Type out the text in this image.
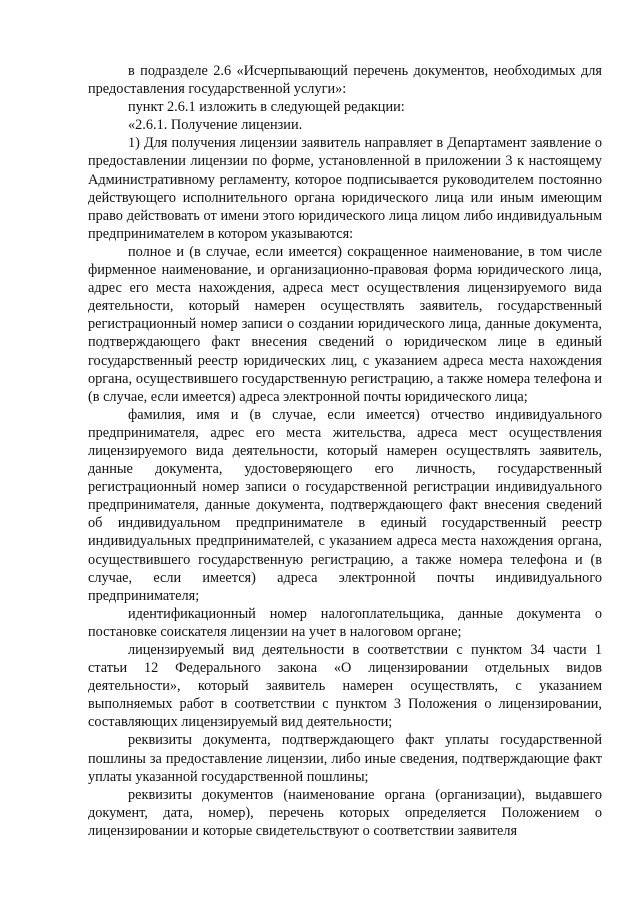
в подразделе 2.6 «Исчерпывающий перечень документов, необходимых для предоставления государственной услуги»:

пункт 2.6.1 изложить в следующей редакции:

«2.6.1. Получение лицензии.

1) Для получения лицензии заявитель направляет в Департамент заявление о предоставлении лицензии по форме, установленной в приложении 3 к настоящему Административному регламенту, которое подписывается руководителем постоянно действующего исполнительного органа юридического лица или иным имеющим право действовать от имени этого юридического лица лицом либо индивидуальным предпринимателем в котором указываются:

полное и (в случае, если имеется) сокращенное наименование, в том числе фирменное наименование, и организационно-правовая форма юридического лица, адрес его места нахождения, адреса мест осуществления лицензируемого вида деятельности, который намерен осуществлять заявитель, государственный регистрационный номер записи о создании юридического лица, данные документа, подтверждающего факт внесения сведений о юридическом лице в единый государственный реестр юридических лиц, с указанием адреса места нахождения органа, осуществившего государственную регистрацию, а также номера телефона и (в случае, если имеется) адреса электронной почты юридического лица;

фамилия, имя и (в случае, если имеется) отчество индивидуального предпринимателя, адрес его места жительства, адреса мест осуществления лицензируемого вида деятельности, который намерен осуществлять заявитель, данные документа, удостоверяющего его личность, государственный регистрационный номер записи о государственной регистрации индивидуального предпринимателя, данные документа, подтверждающего факт внесения сведений об индивидуальном предпринимателе в единый государственный реестр индивидуальных предпринимателей, с указанием адреса места нахождения органа, осуществившего государственную регистрацию, а также номера телефона и (в случае, если имеется) адреса электронной почты индивидуального предпринимателя;

идентификационный номер налогоплательщика, данные документа о постановке соискателя лицензии на учет в налоговом органе;

лицензируемый вид деятельности в соответствии с пунктом 34 части 1 статьи 12 Федерального закона «О лицензировании отдельных видов деятельности», который заявитель намерен осуществлять, с указанием выполняемых работ в соответствии с пунктом 3 Положения о лицензировании, составляющих лицензируемый вид деятельности;

реквизиты документа, подтверждающего факт уплаты государственной пошлины за предоставление лицензии, либо иные сведения, подтверждающие факт уплаты указанной государственной пошлины;

реквизиты документов (наименование органа (организации), выдавшего документ, дата, номер), перечень которых определяется Положением о лицензировании и которые свидетельствуют о соответствии заявителя
